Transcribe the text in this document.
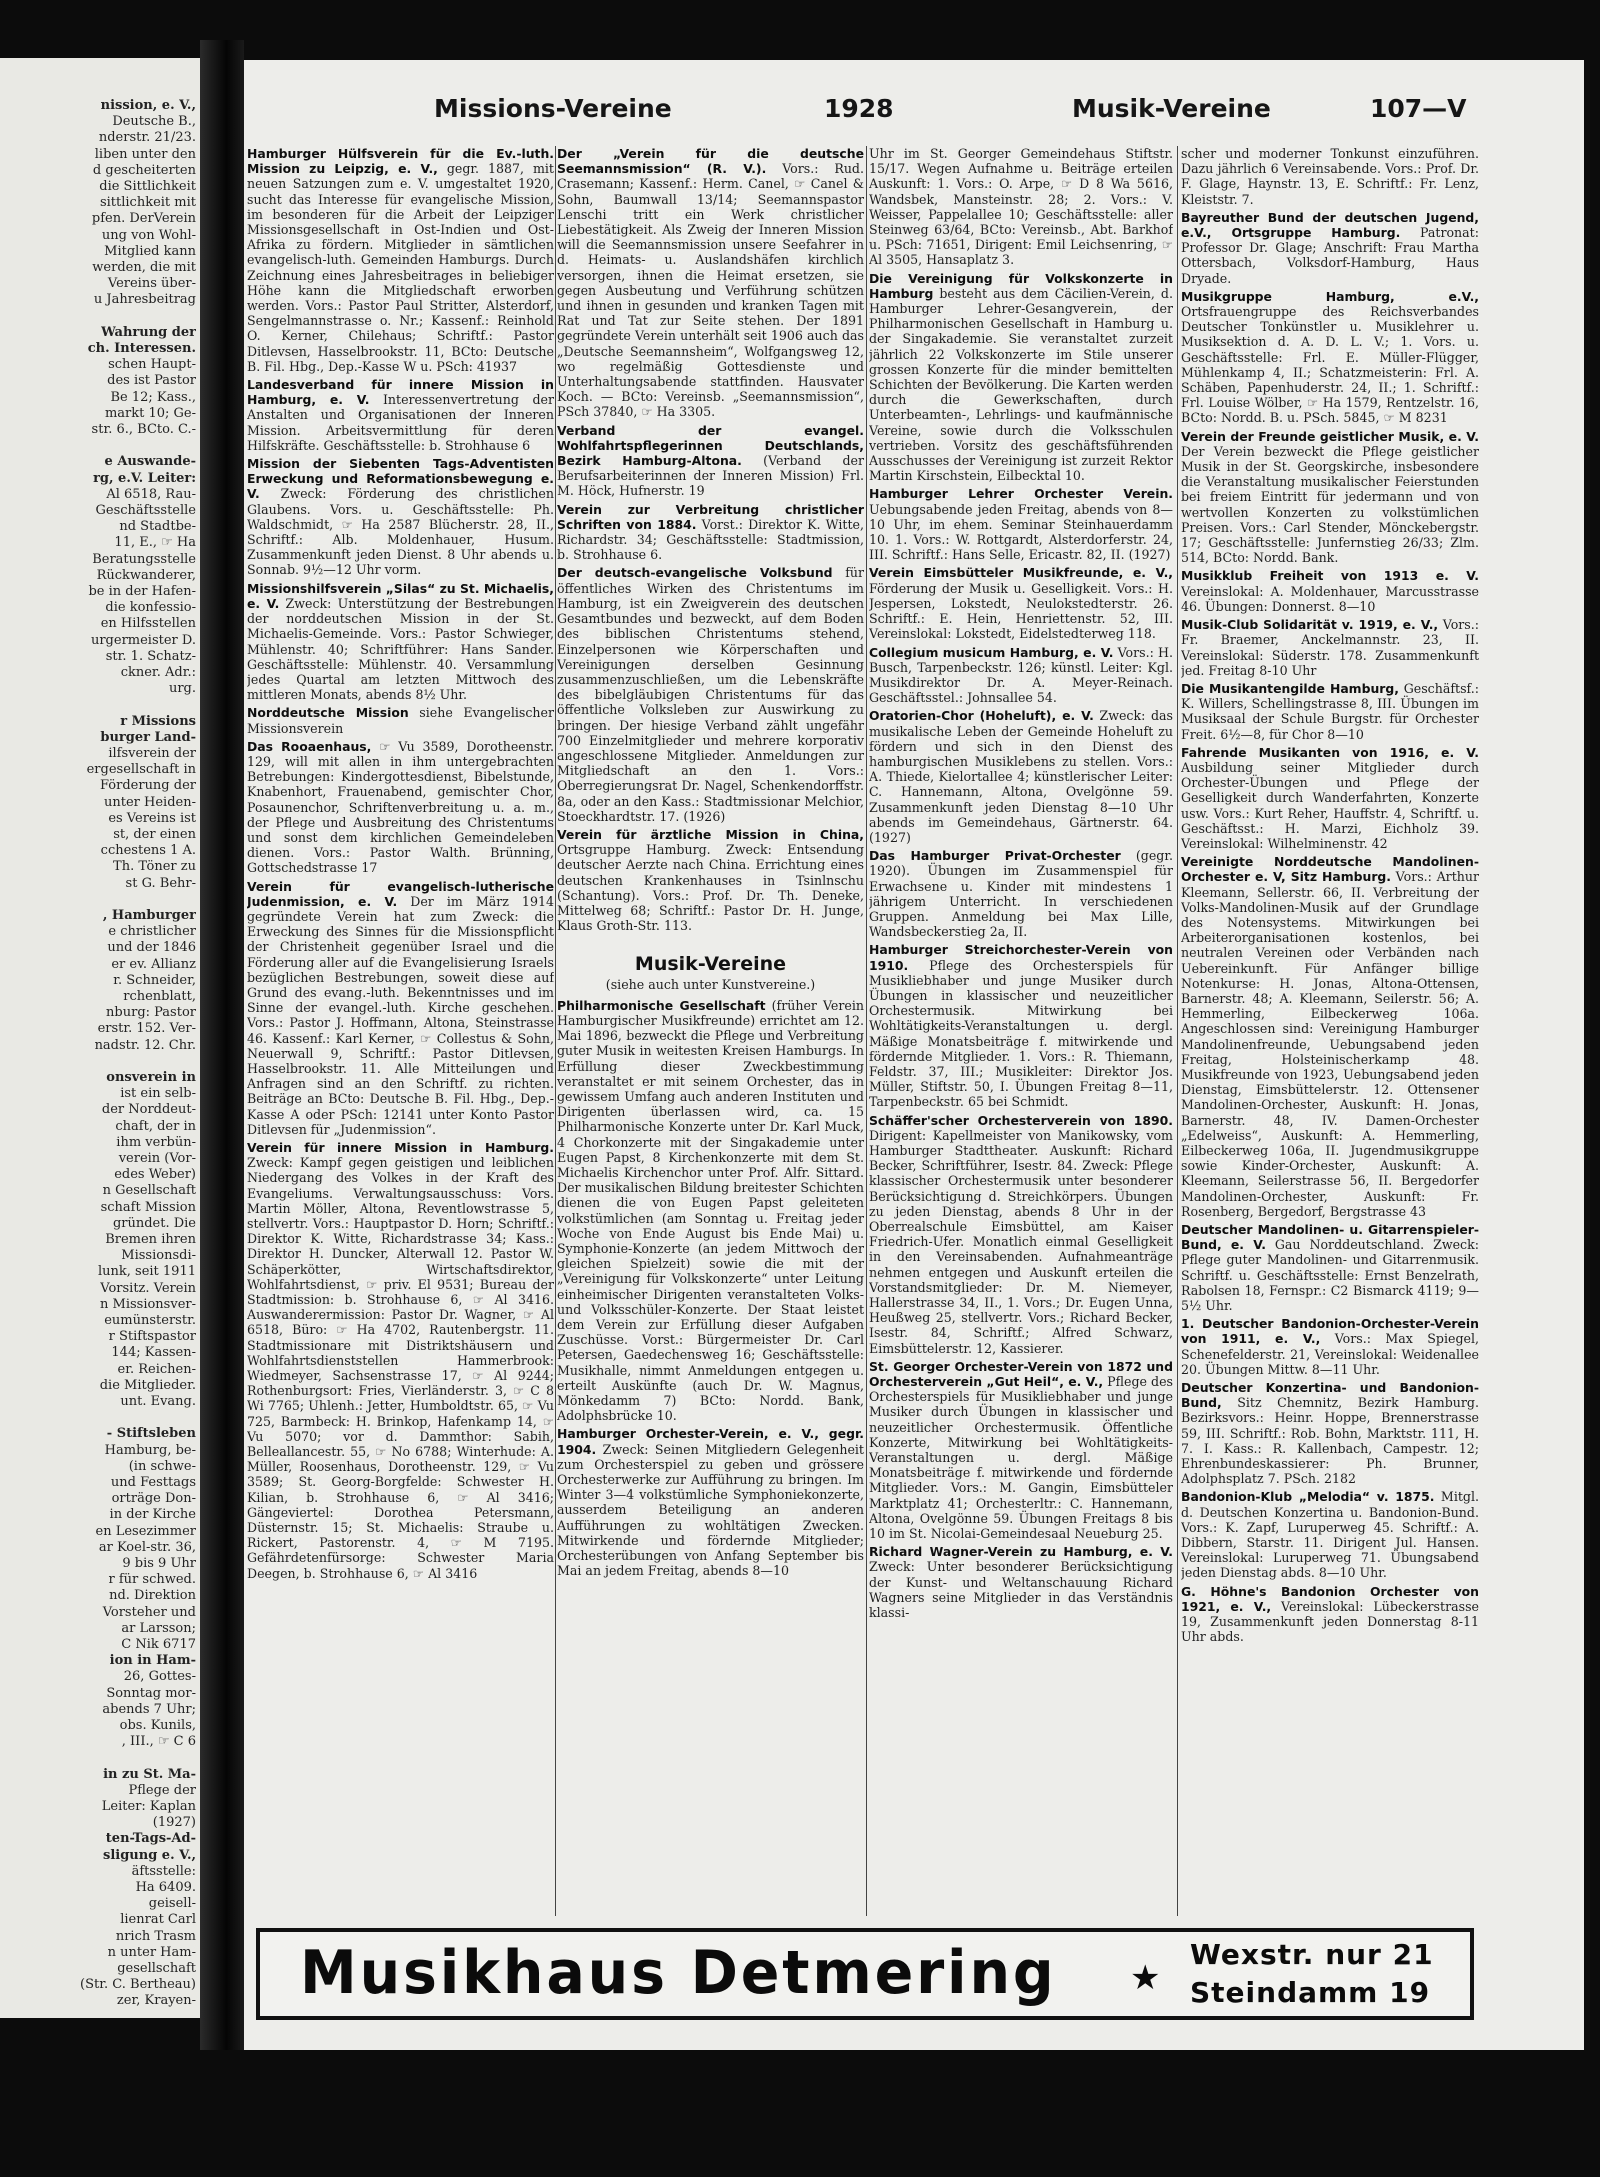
nission, e. V.,
Deutsche B.,
nderstr. 21/23.
liben unter den
d gescheiterten
die Sittlichkeit
sittlichkeit mit
pfen. DerVerein
ung von Wohl-
Mitglied kann
werden, die mit
Vereins über-
u Jahresbeitrag
Wahrung der
ch. Interessen.
schen Haupt-
des ist Pastor
Be 12; Kass.,
markt 10; Ge-
str. 6., BCto. C.-
e Auswande-
rg, e.V. Leiter:
Al 6518, Rau-
Geschäftsstelle
nd Stadtbe-
11, E., ☞ Ha
Beratungsstelle
Rückwanderer,
be in der Hafen-
die konfessio-
en Hilfsstellen
urgermeister D.
str. 1. Schatz-
ckner. Adr.:
urg.
r Missions
burger Land-
ilfsverein der
ergesellschaft in
Förderung der
unter Heiden-
es Vereins ist
st, der einen
cchestens 1 A.
Th. Töner zu
st G. Behr-
, Hamburger
e christlicher
und der 1846
er ev. Allianz
r. Schneider,
rchenblatt,
nburg: Pastor
erstr. 152. Ver-
nadstr. 12. Chr.
onsverein in
ist ein selb-
der Norddeut-
chaft, der in
ihm verbün-
verein (Vor-
edes Weber)
n Gesellschaft
schaft Mission
gründet. Die
Bremen ihren
Missionsdi-
lunk, seit 1911
Vorsitz. Verein
n Missionsver-
eumünsterstr.
r Stiftspastor
144; Kassen-
er. Reichen-
die Mitglieder.
unt. Evang.
- Stiftsleben
Hamburg, be-
(in schwe-
und Festtags
orträge Don-
in der Kirche
en Lesezimmer
ar Koel-str. 36,
9 bis 9 Uhr
r für schwed.
nd. Direktion
Vorsteher und
ar Larsson;
C Nik 6717
ion in Ham-
26, Gottes-
Sonntag mor-
abends 7 Uhr;
obs. Kunils,
, III., ☞ C 6
in zu St. Ma-
Pflege der
Leiter: Kaplan
(1927)
ten-Tags-Ad-
sligung e. V.,
äftsstelle:
Ha 6409.
geisell-
lienrat Carl
nrich Trasm
n unter Ham-
gesellschaft
(Str. C. Bertheau)
zer, Krayen-
Missions-Vereine	1928	Musik-Vereine	107—V
Hamburger Hülfsverein für die Ev.-luth. Mission zu Leipzig, e. V., gegr. 1887, mit neuen Satzungen zum e. V. umgestaltet 1920, sucht das Interesse für evangelische Mission, im besonderen für die Arbeit der Leipziger Missionsgesellschaft in Ost-Indien und Ost-Afrika zu fördern. Mitglieder in sämtlichen evangelisch-luth. Gemeinden Hamburgs. Durch Zeichnung eines Jahresbeitrages in beliebiger Höhe kann die Mitgliedschaft erworben werden. Vors.: Pastor Paul Stritter, Alsterdorf, Sengelmannstrasse o. Nr.; Kassenf.: Reinhold O. Kerner, Chilehaus; Schriftf.: Pastor Ditlevsen, Hasselbrookstr. 11, BCto: Deutsche B. Fil. Hbg., Dep.-Kasse W u. PSch: 41937
Landesverband für innere Mission in Hamburg, e. V. Interessenvertretung der Anstalten und Organisationen der Inneren Mission. Arbeitsvermittlung für deren Hilfskräfte. Geschäftsstelle: b. Strohhause 6
Mission der Siebenten Tags-Adventisten Erweckung und Reformationsbewegung e. V. Zweck: Förderung des christlichen Glaubens. Vors. u. Geschäftsstelle: Ph. Waldschmidt, ☞ Ha 2587 Blücherstr. 28, II., Schriftf.: Alb. Moldenhauer, Husum. Zusammenkunft jeden Dienst. 8 Uhr abends u. Sonnab. 9½—12 Uhr vorm.
Missionshilfsverein „Silas“ zu St. Michaelis, e. V. Zweck: Unterstützung der Bestrebungen der norddeutschen Mission in der St. Michaelis-Gemeinde. Vors.: Pastor Schwieger, Mühlenstr. 40; Schriftführer: Hans Sander. Geschäftsstelle: Mühlenstr. 40. Versammlung jedes Quartal am letzten Mittwoch des mittleren Monats, abends 8½ Uhr.
Norddeutsche Mission siehe Evangelischer Missionsverein
Das Rooaenhaus, ☞ Vu 3589, Dorotheenstr. 129, will mit allen in ihm untergebrachten Betrebungen: Kindergottesdienst, Bibelstunde, Knabenhort, Frauenabend, gemischter Chor, Posaunenchor, Schriftenverbreitung u. a. m., der Pflege und Ausbreitung des Christentums und sonst dem kirchlichen Gemeindeleben dienen. Vors.: Pastor Walth. Brünning, Gottschedstrasse 17
Verein für evangelisch-lutherische Judenmission, e. V. Der im März 1914 gegründete Verein hat zum Zweck: die Erweckung des Sinnes für die Missionspflicht der Christenheit gegenüber Israel und die Förderung aller auf die Evangelisierung Israels bezüglichen Bestrebungen, soweit diese auf Grund des evang.-luth. Bekenntnisses und im Sinne der evangel.-luth. Kirche geschehen. Vors.: Pastor J. Hoffmann, Altona, Steinstrasse 46. Kassenf.: Karl Kerner, ☞ Collestus & Sohn, Neuerwall 9, Schriftf.: Pastor Ditlevsen, Hasselbrookstr. 11. Alle Mitteilungen und Anfragen sind an den Schriftf. zu richten. Beiträge an BCto: Deutsche B. Fil. Hbg., Dep.-Kasse A oder PSch: 12141 unter Konto Pastor Ditlevsen für „Judenmission“.
Verein für innere Mission in Hamburg. Zweck: Kampf gegen geistigen und leiblichen Niedergang des Volkes in der Kraft des Evangeliums. Verwaltungsausschuss: Vors. Martin Möller, Altona, Reventlowstrasse 5, stellvertr. Vors.: Hauptpastor D. Horn; Schriftf.: Direktor K. Witte, Richardstrasse 34; Kass.: Direktor H. Duncker, Alterwall 12. Pastor W. Schäperkötter, Wirtschaftsdirektor, Wohlfahrtsdienst, ☞ priv. El 9531; Bureau der Stadtmission: b. Strohhause 6, ☞ Al 3416. Auswanderermission: Pastor Dr. Wagner, ☞ Al 6518, Büro: ☞ Ha 4702, Rautenbergstr. 11. Stadtmissionare mit Distriktshäusern und Wohlfahrtsdienststellen Hammerbrook: Wiedmeyer, Sachsenstrasse 17, ☞ Al 9244; Rothenburgsort: Fries, Vierländerstr. 3, ☞ C 8 Wi 7765; Uhlenh.: Jetter, Humboldtstr. 65, ☞ Vu 725, Barmbeck: H. Brinkop, Hafenkamp 14, ☞ Vu 5070; vor d. Dammthor: Sabih, Belleallancestr. 55, ☞ No 6788; Winterhude: A. Müller, Roosenhaus, Dorotheenstr. 129, ☞ Vu 3589; St. Georg-Borgfelde: Schwester H. Kilian, b. Strohhause 6, ☞ Al 3416; Gängeviertel: Dorothea Petersmann, Düsternstr. 15; St. Michaelis: Straube u. Rickert, Pastorenstr. 4, ☞ M 7195. Gefährdetenfürsorge: Schwester Maria Deegen, b. Strohhause 6, ☞ Al 3416
Der „Verein für die deutsche Seemannsmission“ (R. V.). Vors.: Rud. Crasemann; Kassenf.: Herm. Canel, ☞ Canel & Sohn, Baumwall 13/14; Seemannspastor Lenschi tritt ein Werk christlicher Liebestätigkeit. Als Zweig der Inneren Mission will die Seemannsmission unsere Seefahrer in d. Heimats- u. Auslandshäfen kirchlich versorgen, ihnen die Heimat ersetzen, sie gegen Ausbeutung und Verführung schützen und ihnen in gesunden und kranken Tagen mit Rat und Tat zur Seite stehen. Der 1891 gegründete Verein unterhält seit 1906 auch das „Deutsche Seemannsheim“, Wolfgangsweg 12, wo regelmäßig Gottesdienste und Unterhaltungsabende stattfinden. Hausvater Koch. — BCto: Vereinsb. „Seemannsmission“, PSch 37840, ☞ Ha 3305.
Verband der evangel. Wohlfahrtspflegerinnen Deutschlands, Bezirk Hamburg-Altona. (Verband der Berufsarbeiterinnen der Inneren Mission) Frl. M. Höck, Hufnerstr. 19
Verein zur Verbreitung christlicher Schriften von 1884. Vorst.: Direktor K. Witte, Richardstr. 34; Geschäftsstelle: Stadtmission, b. Strohhause 6.
Der deutsch-evangelische Volksbund für öffentliches Wirken des Christentums im Hamburg, ist ein Zweigverein des deutschen Gesamtbundes und bezweckt, auf dem Boden des biblischen Christentums stehend, Einzelpersonen wie Körperschaften und Vereinigungen derselben Gesinnung zusammenzuschließen, um die Lebenskräfte des bibelgläubigen Christentums für das öffentliche Volksleben zur Auswirkung zu bringen. Der hiesige Verband zählt ungefähr 700 Einzelmitglieder und mehrere korporativ angeschlossene Mitglieder. Anmeldungen zur Mitgliedschaft an den 1. Vors.: Oberregierungsrat Dr. Nagel, Schenkendorffstr. 8a, oder an den Kass.: Stadtmissionar Melchior, Stoeckhardtstr. 17. (1926)
Verein für ärztliche Mission in China, Ortsgruppe Hamburg. Zweck: Entsendung deutscher Aerzte nach China. Errichtung eines deutschen Krankenhauses in Tsinlnschu (Schantung). Vors.: Prof. Dr. Th. Deneke, Mittelweg 68; Schriftf.: Pastor Dr. H. Junge, Klaus Groth-Str. 113.
Musik-Vereine
(siehe auch unter Kunstvereine.)
Philharmonische Gesellschaft (früher Verein Hamburgischer Musikfreunde) errichtet am 12. Mai 1896, bezweckt die Pflege und Verbreitung guter Musik in weitesten Kreisen Hamburgs. In Erfüllung dieser Zweckbestimmung veranstaltet er mit seinem Orchester, das in gewissem Umfang auch anderen Instituten und Dirigenten überlassen wird, ca. 15 Philharmonische Konzerte unter Dr. Karl Muck, 4 Chorkonzerte mit der Singakademie unter Eugen Papst, 8 Kirchenkonzerte mit dem St. Michaelis Kirchenchor unter Prof. Alfr. Sittard. Der musikalischen Bildung breitester Schichten dienen die von Eugen Papst geleiteten volkstümlichen (am Sonntag u. Freitag jeder Woche von Ende August bis Ende Mai) u. Symphonie-Konzerte (an jedem Mittwoch der gleichen Spielzeit) sowie die mit der „Vereinigung für Volkskonzerte“ unter Leitung einheimischer Dirigenten veranstalteten Volks- und Volksschüler-Konzerte. Der Staat leistet dem Verein zur Erfüllung dieser Aufgaben Zuschüsse. Vorst.: Bürgermeister Dr. Carl Petersen, Gaedechensweg 16; Geschäftsstelle: Musikhalle, nimmt Anmeldungen entgegen u. erteilt Auskünfte (auch Dr. W. Magnus, Mönkedamm 7) BCto: Nordd. Bank, Adolphsbrücke 10.
Hamburger Orchester-Verein, e. V., gegr. 1904. Zweck: Seinen Mitgliedern Gelegenheit zum Orchesterspiel zu geben und grössere Orchesterwerke zur Aufführung zu bringen. Im Winter 3—4 volkstümliche Symphoniekonzerte, ausserdem Beteiligung an anderen Aufführungen zu wohltätigen Zwecken. Mitwirkende und fördernde Mitglieder; Orchesterübungen von Anfang September bis Mai an jedem Freitag, abends 8—10
Uhr im St. Georger Gemeindehaus Stiftstr. 15/17. Wegen Aufnahme u. Beiträge erteilen Auskunft: 1. Vors.: O. Arpe, ☞ D 8 Wa 5616, Wandsbek, Mansteinstr. 28; 2. Vors.: V. Weisser, Pappelallee 10; Geschäftsstelle: aller Steinweg 63/64, BCto: Vereinsb., Abt. Barkhof u. PSch: 71651, Dirigent: Emil Leichsenring, ☞ Al 3505, Hansaplatz 3.
Die Vereinigung für Volkskonzerte in Hamburg besteht aus dem Cäcilien-Verein, d. Hamburger Lehrer-Gesangverein, der Philharmonischen Gesellschaft in Hamburg u. der Singakademie. Sie veranstaltet zurzeit jährlich 22 Volkskonzerte im Stile unserer grossen Konzerte für die minder bemittelten Schichten der Bevölkerung. Die Karten werden durch die Gewerkschaften, durch Unterbeamten-, Lehrlings- und kaufmännische Vereine, sowie durch die Volksschulen vertrieben. Vorsitz des geschäftsführenden Ausschusses der Vereinigung ist zurzeit Rektor Martin Kirschstein, Eilbecktal 10.
Hamburger Lehrer Orchester Verein. Uebungsabende jeden Freitag, abends von 8—10 Uhr, im ehem. Seminar Steinhauerdamm 10. 1. Vors.: W. Rottgardt, Alsterdorferstr. 24, III. Schriftf.: Hans Selle, Ericastr. 82, II. (1927)
Verein Eimsbütteler Musikfreunde, e. V., Förderung der Musik u. Geselligkeit. Vors.: H. Jespersen, Lokstedt, Neulokstedterstr. 26. Schriftf.: E. Hein, Henriettenstr. 52, III. Vereinslokal: Lokstedt, Eidelstedterweg 118.
Collegium musicum Hamburg, e. V. Vors.: H. Busch, Tarpenbeckstr. 126; künstl. Leiter: Kgl. Musikdirektor Dr. A. Meyer-Reinach. Geschäftsstel.: Johnsallee 54.
Oratorien-Chor (Hoheluft), e. V. Zweck: das musikalische Leben der Gemeinde Hoheluft zu fördern und sich in den Dienst des hamburgischen Musiklebens zu stellen. Vors.: A. Thiede, Kielortallee 4; künstlerischer Leiter: C. Hannemann, Altona, Ovelgönne 59. Zusammenkunft jeden Dienstag 8—10 Uhr abends im Gemeindehaus, Gärtnerstr. 64. (1927)
Das Hamburger Privat-Orchester (gegr. 1920). Übungen im Zusammenspiel für Erwachsene u. Kinder mit mindestens 1 jährigem Unterricht. In verschiedenen Gruppen. Anmeldung bei Max Lille, Wandsbeckerstieg 2a, II.
Hamburger Streichorchester-Verein von 1910. Pflege des Orchesterspiels für Musikliebhaber und junge Musiker durch Übungen in klassischer und neuzeitlicher Orchestermusik. Mitwirkung bei Wohltätigkeits-Veranstaltungen u. dergl. Mäßige Monatsbeiträge f. mitwirkende und fördernde Mitglieder. 1. Vors.: R. Thiemann, Feldstr. 37, III.; Musikleiter: Direktor Jos. Müller, Stiftstr. 50, I. Übungen Freitag 8—11, Tarpenbeckstr. 65 bei Schmidt.
Schäffer'scher Orchesterverein von 1890. Dirigent: Kapellmeister von Manikowsky, vom Hamburger Stadttheater. Auskunft: Richard Becker, Schriftführer, Isestr. 84. Zweck: Pflege klassischer Orchestermusik unter besonderer Berücksichtigung d. Streichkörpers. Übungen zu jeden Dienstag, abends 8 Uhr in der Oberrealschule Eimsbüttel, am Kaiser Friedrich-Ufer. Monatlich einmal Geselligkeit in den Vereinsabenden. Aufnahmeanträge nehmen entgegen und Auskunft erteilen die Vorstandsmitglieder: Dr. M. Niemeyer, Hallerstrasse 34, II., 1. Vors.; Dr. Eugen Unna, Heußweg 25, stellvertr. Vors.; Richard Becker, Isestr. 84, Schriftf.; Alfred Schwarz, Eimsbüttelerstr. 12, Kassierer.
St. Georger Orchester-Verein von 1872 und Orchesterverein „Gut Heil“, e. V., Pflege des Orchesterspiels für Musikliebhaber und junge Musiker durch Übungen in klassischer und neuzeitlicher Orchestermusik. Öffentliche Konzerte, Mitwirkung bei Wohltätigkeits-Veranstaltungen u. dergl. Mäßige Monatsbeiträge f. mitwirkende und fördernde Mitglieder. Vors.: M. Gangin, Eimsbütteler Marktplatz 41; Orchesterltr.: C. Hannemann, Altona, Ovelgönne 59. Übungen Freitags 8 bis 10 im St. Nicolai-Gemeindesaal Neueburg 25.
Richard Wagner-Verein zu Hamburg, e. V. Zweck: Unter besonderer Berücksichtigung der Kunst- und Weltanschauung Richard Wagners seine Mitglieder in das Verständnis klassi-
scher und moderner Tonkunst einzuführen. Dazu jährlich 6 Vereinsabende. Vors.: Prof. Dr. F. Glage, Haynstr. 13, E. Schriftf.: Fr. Lenz, Kleiststr. 7.
Bayreuther Bund der deutschen Jugend, e.V., Ortsgruppe Hamburg. Patronat: Professor Dr. Glage; Anschrift: Frau Martha Ottersbach, Volksdorf-Hamburg, Haus Dryade.
Musikgruppe Hamburg, e.V., Ortsfrauengruppe des Reichsverbandes Deutscher Tonkünstler u. Musiklehrer u. Musiksektion d. A. D. L. V.; 1. Vors. u. Geschäftsstelle: Frl. E. Müller-Flügger, Mühlenkamp 4, II.; Schatzmeisterin: Frl. A. Schäben, Papenhuderstr. 24, II.; 1. Schriftf.: Frl. Louise Wölber, ☞ Ha 1579, Rentzelstr. 16, BCto: Nordd. B. u. PSch. 5845, ☞ M 8231
Verein der Freunde geistlicher Musik, e. V. Der Verein bezweckt die Pflege geistlicher Musik in der St. Georgskirche, insbesondere die Veranstaltung musikalischer Feierstunden bei freiem Eintritt für jedermann und von wertvollen Konzerten zu volkstümlichen Preisen. Vors.: Carl Stender, Mönckebergstr. 17; Geschäftsstelle: Junfernstieg 26/33; Zlm. 514, BCto: Nordd. Bank.
Musikklub Freiheit von 1913 e. V. Vereinslokal: A. Moldenhauer, Marcusstrasse 46. Übungen: Donnerst. 8—10
Musik-Club Solidarität v. 1919, e. V., Vors.: Fr. Braemer, Anckelmannstr. 23, II. Vereinslokal: Süderstr. 178. Zusammenkunft jed. Freitag 8-10 Uhr
Die Musikantengilde Hamburg, Geschäftsf.: K. Willers, Schellingstrasse 8, III. Übungen im Musiksaal der Schule Burgstr. für Orchester Freit. 6½—8, für Chor 8—10
Fahrende Musikanten von 1916, e. V. Ausbildung seiner Mitglieder durch Orchester-Übungen und Pflege der Geselligkeit durch Wanderfahrten, Konzerte usw. Vors.: Kurt Reher, Hauffstr. 4, Schriftf. u. Geschäftsst.: H. Marzi, Eichholz 39. Vereinslokal: Wilhelminenstr. 42
Vereinigte Norddeutsche Mandolinen-Orchester e. V, Sitz Hamburg. Vors.: Arthur Kleemann, Sellerstr. 66, II. Verbreitung der Volks-Mandolinen-Musik auf der Grundlage des Notensystems. Mitwirkungen bei Arbeiterorganisationen kostenlos, bei neutralen Vereinen oder Verbänden nach Uebereinkunft. Für Anfänger billige Notenkurse: H. Jonas, Altona-Ottensen, Barnerstr. 48; A. Kleemann, Seilerstr. 56; A. Hemmerling, Eilbeckerweg 106a. Angeschlossen sind: Vereinigung Hamburger Mandolinenfreunde, Uebungsabend jeden Freitag, Holsteinischerkamp 48. Musikfreunde von 1923, Uebungsabend jeden Dienstag, Eimsbüttelerstr. 12. Ottensener Mandolinen-Orchester, Auskunft: H. Jonas, Barnerstr. 48, IV. Damen-Orchester „Edelweiss“, Auskunft: A. Hemmerling, Eilbeckerweg 106a, II. Jugendmusikgruppe sowie Kinder-Orchester, Auskunft: A. Kleemann, Seilerstrasse 56, II. Bergedorfer Mandolinen-Orchester, Auskunft: Fr. Rosenberg, Bergedorf, Bergstrasse 43
Deutscher Mandolinen- u. Gitarrenspieler-Bund, e. V. Gau Norddeutschland. Zweck: Pflege guter Mandolinen- und Gitarrenmusik. Schriftf. u. Geschäftsstelle: Ernst Benzelrath, Rabolsen 18, Fernspr.: C2 Bismarck 4119; 9—5½ Uhr.
1. Deutscher Bandonion-Orchester-Verein von 1911, e. V., Vors.: Max Spiegel, Schenefelderstr. 21, Vereinslokal: Weidenallee 20. Übungen Mittw. 8—11 Uhr.
Deutscher Konzertina- und Bandonion-Bund, Sitz Chemnitz, Bezirk Hamburg. Bezirksvors.: Heinr. Hoppe, Brennerstrasse 59, III. Schriftf.: Rob. Bohn, Marktstr. 111, H. 7. I. Kass.: R. Kallenbach, Campestr. 12; Ehrenbundeskassierer: Ph. Brunner, Adolphsplatz 7. PSch. 2182
Bandonion-Klub „Melodia“ v. 1875. Mitgl. d. Deutschen Konzertina u. Bandonion-Bund. Vors.: K. Zapf, Luruperweg 45. Schriftf.: A. Dibbern, Starstr. 11. Dirigent Jul. Hansen. Vereinslokal: Luruperweg 71. Übungsabend jeden Dienstag abds. 8—10 Uhr.
G. Höhne's Bandonion Orchester von 1921, e. V., Vereinslokal: Lübeckerstrasse 19, Zusammenkunft jeden Donnerstag 8-11 Uhr abds.
Musikhaus Detmering ★
Wexstr. nur 21
Steindamm 19
